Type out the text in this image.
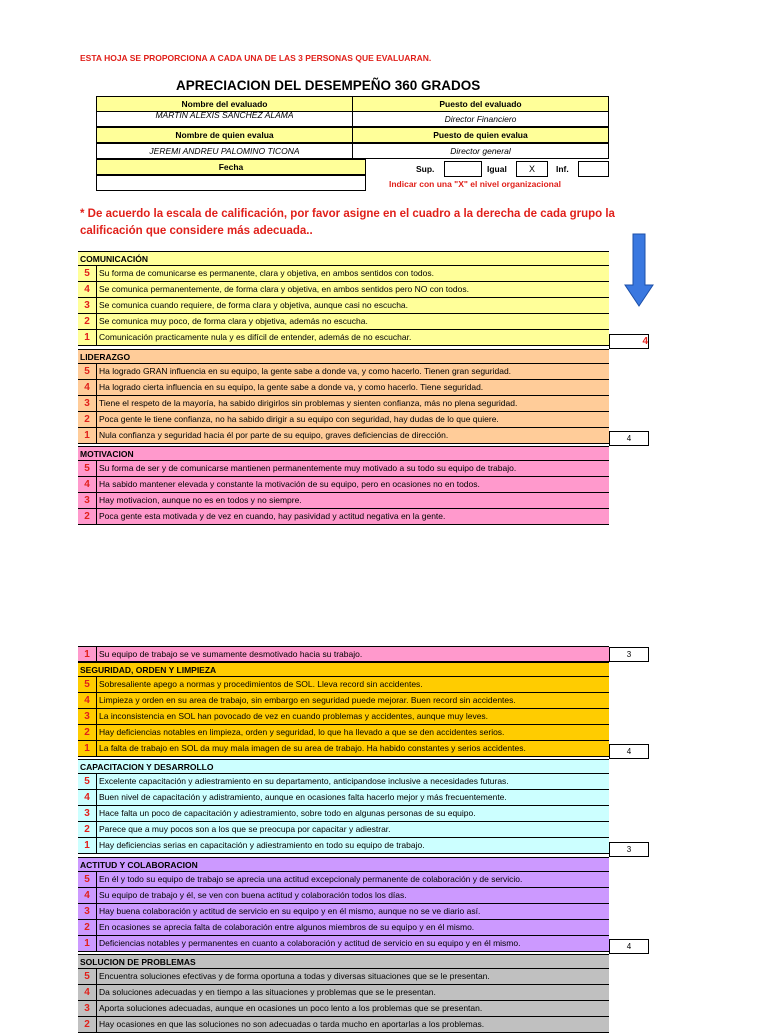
ESTA HOJA SE PROPORCIONA A CADA UNA DE LAS 3 PERSONAS QUE EVALUARAN.
APRECIACION DEL DESEMPEÑO 360 GRADOS
Nombre del evaluado	Puesto del evaluado
MARTIN ALEXIS SANCHEZ ALAMA	Director Financiero
Nombre de quien evalua	Puesto de quien evalua
JEREMI ANDREU PALOMINO TICONA	Director general
Fecha	Sup.	Igual	X	Inf.
Indicar con una "X" el nivel organizacional
* De acuerdo la escala de calificación, por favor asigne en el cuadro a la derecha de cada grupo la calificación que considere más adecuada..
COMUNICACIÓN
5	Su forma de comunicarse es permanente, clara y objetiva, en ambos sentidos con todos.
4	Se comunica permanentemente, de forma clara y objetiva, en ambos sentidos pero NO con todos.
3	Se comunica cuando requiere, de forma clara y objetiva, aunque casi no escucha.
2	Se comunica muy poco, de forma clara y objetiva, además no escucha.
1	Comunicación practicamente nula y es difícil de entender, además de no escuchar.	4
LIDERAZGO
5	Ha logrado GRAN influencia en su equipo, la gente sabe a donde va, y como hacerlo. Tienen gran seguridad.
4	Ha logrado cierta influencia en su equipo, la gente sabe a donde va, y como hacerlo. Tiene seguridad.
3	Tiene el respeto de la mayoría, ha sabido dirigirlos sin problemas y sienten confianza, más no plena seguridad.
2	Poca gente le tiene confianza, no ha sabido dirigir a su equipo con seguridad, hay dudas de lo que quiere.
1	Nula confianza y seguridad hacia él por parte de su equipo, graves deficiencias de dirección.	4
MOTIVACION
5	Su forma de ser y de comunicarse mantienen permanentemente muy motivado a su todo su equipo de trabajo.
4	Ha sabido mantener elevada y constante la motivación de su equipo, pero en ocasiones no en todos.
3	Hay motivacion, aunque no es en todos y no siempre.
2	Poca gente esta motivada y de vez en cuando, hay pasividad y actitud negativa en la gente.
1	Su equipo de trabajo se ve sumamente desmotivado hacia su trabajo.	3
SEGURIDAD, ORDEN Y LIMPIEZA
5	Sobresaliente apego a normas y procedimientos de SOL. Lleva record sin accidentes.
4	Limpieza y orden en su area de trabajo, sin embargo en seguridad puede mejorar. Buen record sin accidentes.
3	La inconsistencia en SOL han povocado de vez en cuando problemas y accidentes, aunque muy leves.
2	Hay deficiencias notables en limpieza, orden y seguridad, lo que ha llevado a que se den accidentes serios.
1	La falta de trabajo en SOL da muy mala imagen de su area de trabajo. Ha habido constantes y serios accidentes.	4
CAPACITACION Y DESARROLLO
5	Excelente capacitación y adiestramiento en su departamento, anticipandose inclusive a necesidades futuras.
4	Buen nivel de capacitación y adistramiento, aunque en ocasiones falta hacerlo mejor y más frecuentemente.
3	Hace falta un poco de capacitación y adiestramiento, sobre todo en algunas personas de su equipo.
2	Parece que a muy pocos son a los que se preocupa por capacitar y adiestrar.
1	Hay deficiencias serias en capacitación y adiestramiento en todo su equipo de trabajo.	3
ACTITUD Y COLABORACION
5	En él y todo su equipo de trabajo se aprecia una actitud excepcionaly permanente de colaboración y de servicio.
4	Su equipo de trabajo y él, se ven con buena actitud y colaboración todos los días.
3	Hay buena colaboración y actitud de servicio en su equipo y en él mismo, aunque no se ve diario así.
2	En ocasiones se aprecia falta de colaboración entre algunos miembros de su equipo y en él mismo.
1	Deficiencias notables y permanentes en cuanto a colaboración y actitud de servicio en su equipo y en él mismo.	4
SOLUCION DE PROBLEMAS
5	Encuentra soluciones efectivas y de forma oportuna a todas y diversas situaciones que se le presentan.
4	Da soluciones adecuadas y en tiempo a las situaciones y problemas que se le presentan.
3	Aporta soluciones adecuadas, aunque en ocasiones un poco lento a los problemas que se presentan.
2	Hay ocasiones en que las soluciones no son adecuadas o tarda mucho en aportarlas a los problemas.
